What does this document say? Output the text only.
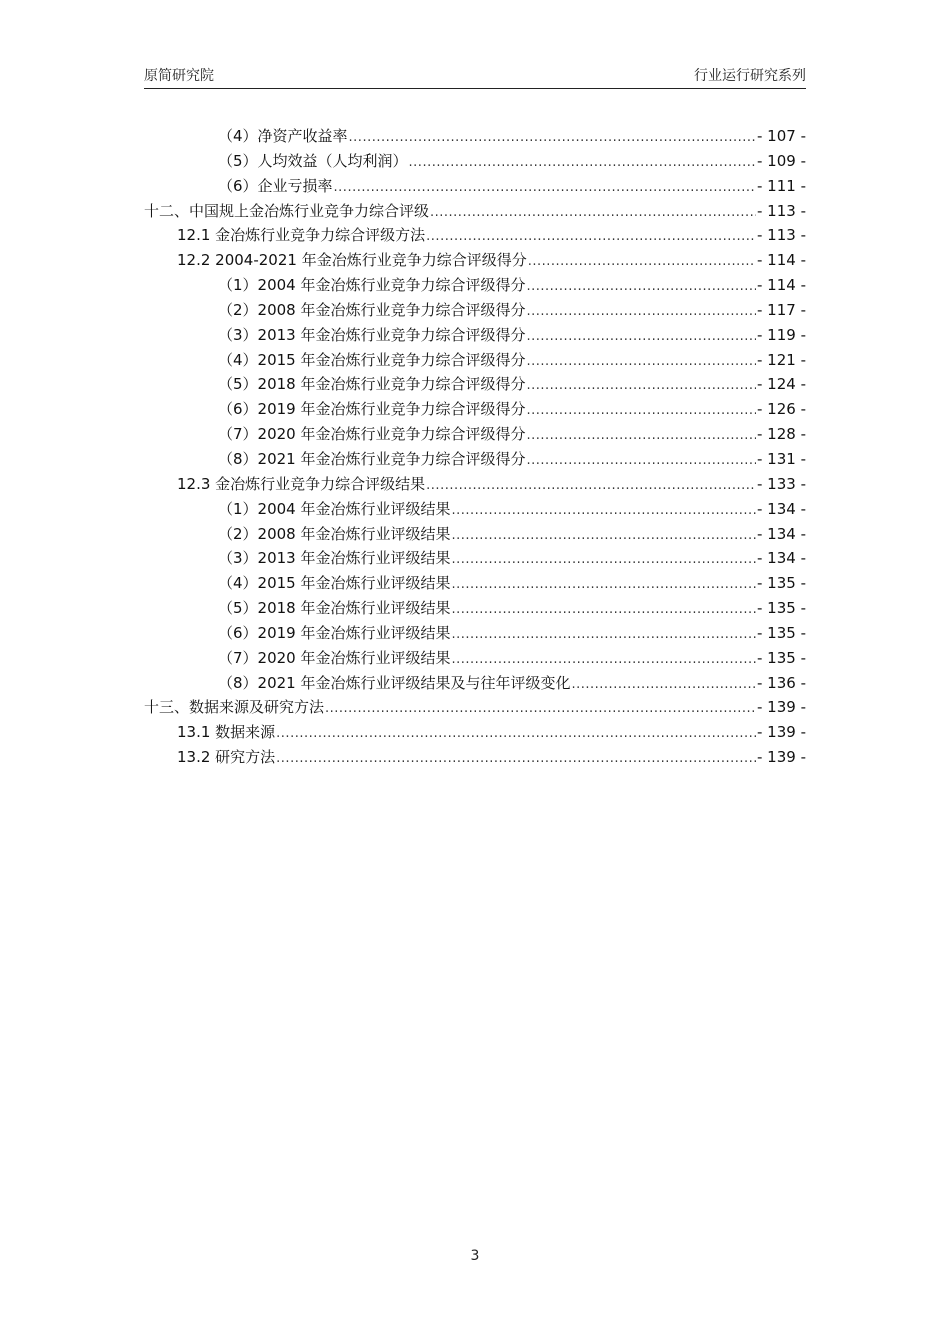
原简研究院	行业运行研究系列
（4）净资产收益率 .....	- 107 -
（5）人均效益（人均利润） .....	- 109 -
（6）企业亏损率 .....	- 111 -
十二、中国规上金冶炼行业竞争力综合评级 .....	- 113 -
12.1 金冶炼行业竞争力综合评级方法 .....	- 113 -
12.2 2004-2021 年金冶炼行业竞争力综合评级得分 .....	- 114 -
（1）2004 年金冶炼行业竞争力综合评级得分 .....	- 114 -
（2）2008 年金冶炼行业竞争力综合评级得分 .....	- 117 -
（3）2013 年金冶炼行业竞争力综合评级得分 .....	- 119 -
（4）2015 年金冶炼行业竞争力综合评级得分 .....	- 121 -
（5）2018 年金冶炼行业竞争力综合评级得分 .....	- 124 -
（6）2019 年金冶炼行业竞争力综合评级得分 .....	- 126 -
（7）2020 年金冶炼行业竞争力综合评级得分 .....	- 128 -
（8）2021 年金冶炼行业竞争力综合评级得分 .....	- 131 -
12.3 金冶炼行业竞争力综合评级结果 .....	- 133 -
（1）2004 年金冶炼行业评级结果 .....	- 134 -
（2）2008 年金冶炼行业评级结果 .....	- 134 -
（3）2013 年金冶炼行业评级结果 .....	- 134 -
（4）2015 年金冶炼行业评级结果 .....	- 135 -
（5）2018 年金冶炼行业评级结果 .....	- 135 -
（6）2019 年金冶炼行业评级结果 .....	- 135 -
（7）2020 年金冶炼行业评级结果 .....	- 135 -
（8）2021 年金冶炼行业评级结果及与往年评级变化 .....	- 136 -
十三、数据来源及研究方法 .....	- 139 -
13.1 数据来源 .....	- 139 -
13.2 研究方法 .....	- 139 -
3
